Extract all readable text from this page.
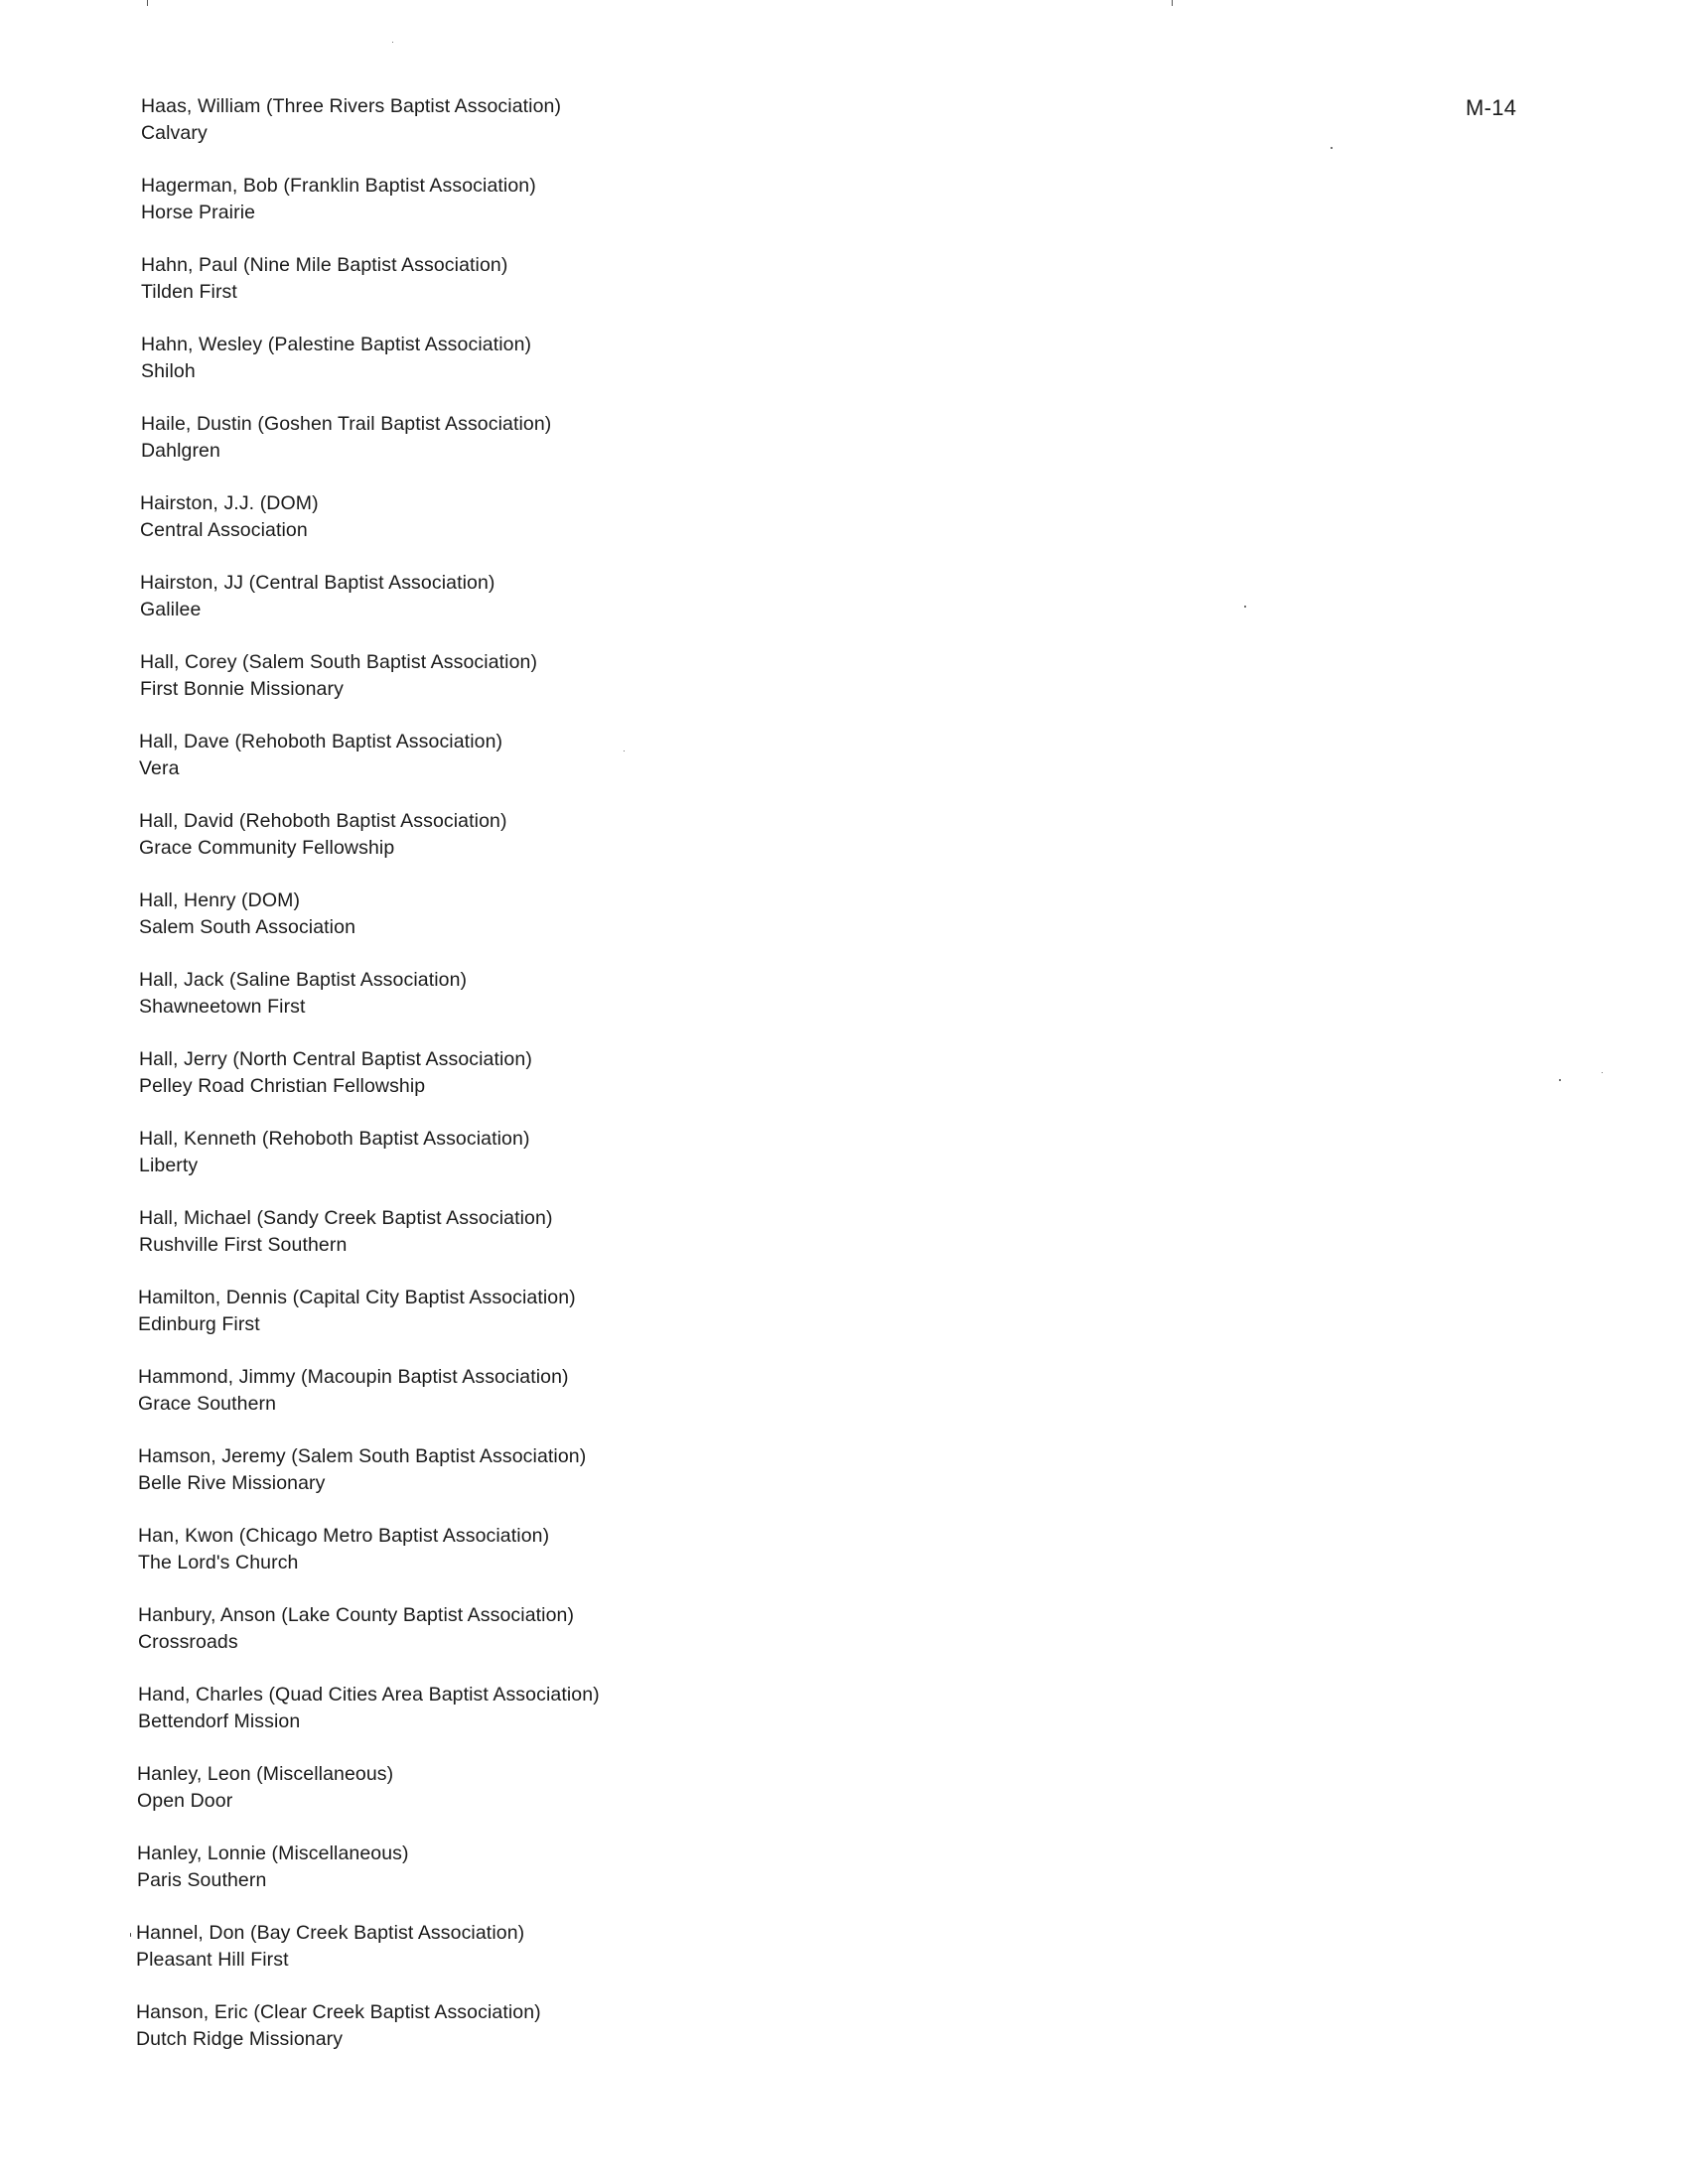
M-14
Haas, William (Three Rivers Baptist Association)
Calvary
Hagerman, Bob (Franklin Baptist Association)
Horse Prairie
Hahn, Paul (Nine Mile Baptist Association)
Tilden First
Hahn, Wesley (Palestine Baptist Association)
Shiloh
Haile, Dustin (Goshen Trail Baptist Association)
Dahlgren
Hairston, J.J. (DOM)
Central Association
Hairston, JJ (Central Baptist Association)
Galilee
Hall, Corey (Salem South Baptist Association)
First Bonnie Missionary
Hall, Dave (Rehoboth Baptist Association)
Vera
Hall, David (Rehoboth Baptist Association)
Grace Community Fellowship
Hall, Henry (DOM)
Salem South Association
Hall, Jack (Saline Baptist Association)
Shawneetown First
Hall, Jerry (North Central Baptist Association)
Pelley Road Christian Fellowship
Hall, Kenneth (Rehoboth Baptist Association)
Liberty
Hall, Michael (Sandy Creek Baptist Association)
Rushville First Southern
Hamilton, Dennis (Capital City Baptist Association)
Edinburg First
Hammond, Jimmy (Macoupin Baptist Association)
Grace Southern
Hamson, Jeremy (Salem South Baptist Association)
Belle Rive Missionary
Han, Kwon (Chicago Metro Baptist Association)
The Lord's Church
Hanbury, Anson (Lake County Baptist Association)
Crossroads
Hand, Charles (Quad Cities Area Baptist Association)
Bettendorf Mission
Hanley, Leon (Miscellaneous)
Open Door
Hanley, Lonnie (Miscellaneous)
Paris Southern
Hannel, Don (Bay Creek Baptist Association)
Pleasant Hill First
Hanson, Eric (Clear Creek Baptist Association)
Dutch Ridge Missionary
